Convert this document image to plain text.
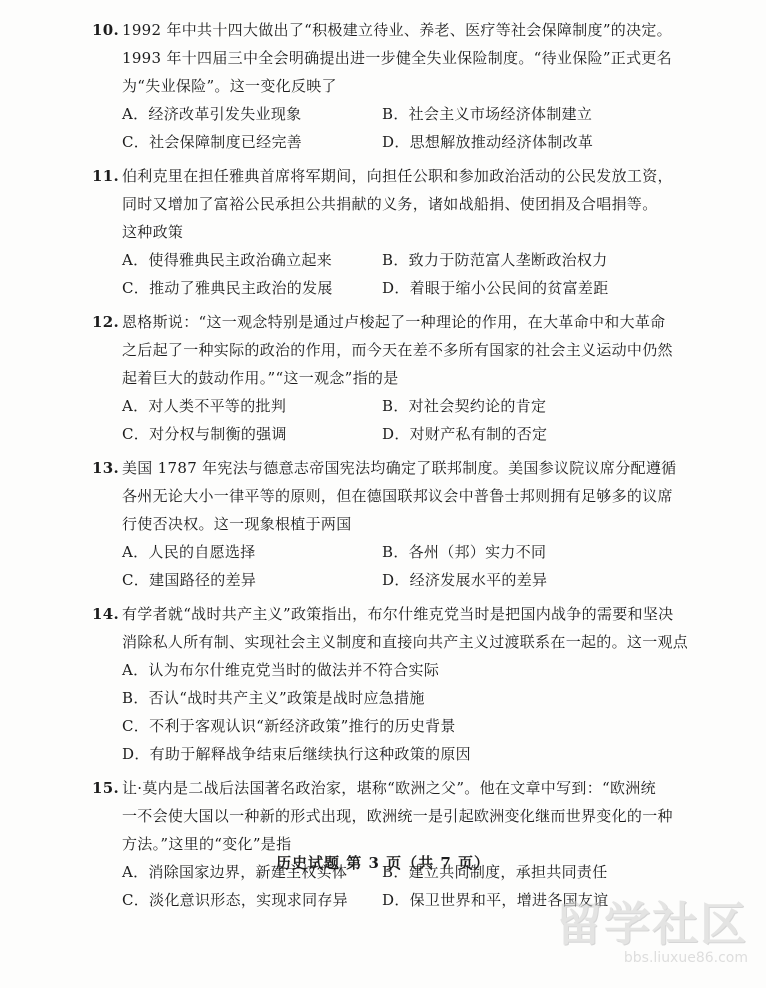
10. 1992 年中共十四大做出了“积极建立待业、养老、医疗等社会保障制度”的决定。
1993 年十四届三中全会明确提出进一步健全失业保险制度。“待业保险”正式更名
为“失业保险”。这一变化反映了
A．经济改革引发失业现象	B．社会主义市场经济体制建立
C．社会保障制度已经完善	D．思想解放推动经济体制改革
11. 伯利克里在担任雅典首席将军期间，向担任公职和参加政治活动的公民发放工资，
同时又增加了富裕公民承担公共捐献的义务，诸如战船捐、使团捐及合唱捐等。
这种政策
A．使得雅典民主政治确立起来	B．致力于防范富人垄断政治权力
C．推动了雅典民主政治的发展	D．着眼于缩小公民间的贫富差距
12. 恩格斯说：“这一观念特别是通过卢梭起了一种理论的作用，在大革命中和大革命
之后起了一种实际的政治的作用，而今天在差不多所有国家的社会主义运动中仍然
起着巨大的鼓动作用。”“这一观念”指的是
A．对人类不平等的批判	B．对社会契约论的肯定
C．对分权与制衡的强调	D．对财产私有制的否定
13. 美国 1787 年宪法与德意志帝国宪法均确定了联邦制度。美国参议院议席分配遵循
各州无论大小一律平等的原则，但在德国联邦议会中普鲁士邦则拥有足够多的议席
行使否决权。这一现象根植于两国
A．人民的自愿选择	B．各州（邦）实力不同
C．建国路径的差异	D．经济发展水平的差异
14. 有学者就“战时共产主义”政策指出，布尔什维克党当时是把国内战争的需要和坚决
消除私人所有制、实现社会主义制度和直接向共产主义过渡联系在一起的。这一观点
A．认为布尔什维克党当时的做法并不符合实际
B．否认“战时共产主义”政策是战时应急措施
C．不利于客观认识“新经济政策”推行的历史背景
D．有助于解释战争结束后继续执行这种政策的原因
15. 让·莫内是二战后法国著名政治家，堪称“欧洲之父”。他在文章中写到：“欧洲统
一不会使大国以一种新的形式出现，欧洲统一是引起欧洲变化继而世界变化的一种
方法。”这里的“变化”是指
A．消除国家边界，新建主权实体	B．建立共同制度，承担共同责任
C．淡化意识形态，实现求同存异	D．保卫世界和平，增进各国友谊
历史试题 第 3 页（共 7 页）
留学社区
bbs.liuxue86.com
